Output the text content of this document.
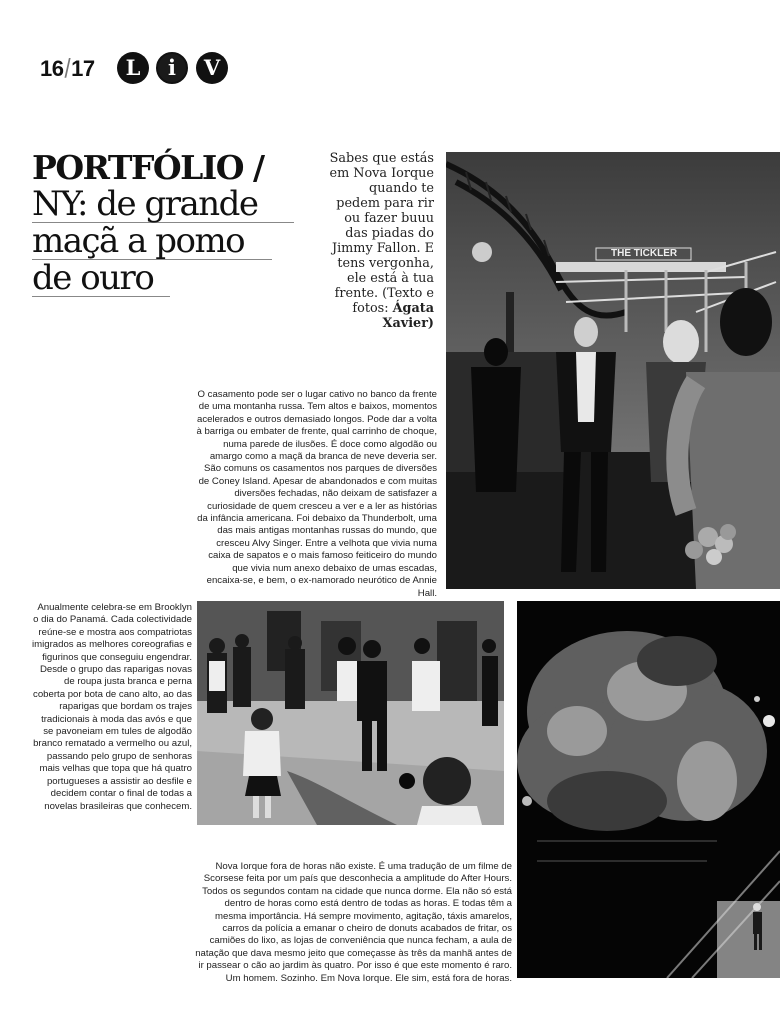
16/17	L	i	V
PORTFÓLIO /
NY: de grande
maçã a pomo
de ouro
Sabes que estás em Nova Iorque quando te pedem para rir ou fazer buuu das piadas do Jimmy Fallon. E tens vergonha, ele está à tua frente. (Texto e fotos: Ágata Xavier)
THE TICKLER
O casamento pode ser o lugar cativo no banco da frente de uma montanha russa. Tem altos e baixos, momentos acelerados e outros demasiado longos. Pode dar a volta à barriga ou embater de frente, qual carrinho de choque, numa parede de ilusões. É doce como algodão ou amargo como a maçã da branca de neve deveria ser. São comuns os casamentos nos parques de diversões de Coney Island. Apesar de abandonados e com muitas diversões fechadas, não deixam de satisfazer a curiosidade de quem cresceu a ver e a ler as histórias da infância americana. Foi debaixo da Thunderbolt, uma das mais antigas montanhas russas do mundo, que cresceu Alvy Singer. Entre a velhota que vivia numa caixa de sapatos e o mais famoso feiticeiro do mundo que vivia num anexo debaixo de umas escadas, encaixa-se, e bem, o ex-namorado neurótico de Annie Hall.
Anualmente celebra-se em Brooklyn o dia do Panamá. Cada colectividade reúne-se e mostra aos compatriotas imigrados as melhores coreografias e figurinos que conseguiu engendrar. Desde o grupo das raparigas novas de roupa justa branca e perna coberta por bota de cano alto, ao das raparigas que bordam os trajes tradicionais à moda das avós e que se pavoneiam em tules de algodão branco rematado a vermelho ou azul, passando pelo grupo de senhoras mais velhas que topa que há quatro portugueses a assistir ao desfile e decidem contar o final de todas a novelas brasileiras que conhecem.
Nova Iorque fora de horas não existe. É uma tradução de um filme de Scorsese feita por um país que desconhecia a amplitude do After Hours. Todos os segundos contam na cidade que nunca dorme. Ela não só está dentro de horas como está dentro de todas as horas. E todas têm a mesma importância. Há sempre movimento, agitação, táxis amarelos, carros da polícia a emanar o cheiro de donuts acabados de fritar, os camiões do lixo, as lojas de conveniência que nunca fecham, a aula de natação que dava mesmo jeito que começasse às três da manhã antes de ir passear o cão ao jardim às quatro. Por isso é que este momento é raro. Um homem. Sozinho. Em Nova Iorque. Ele sim, está fora de horas.
